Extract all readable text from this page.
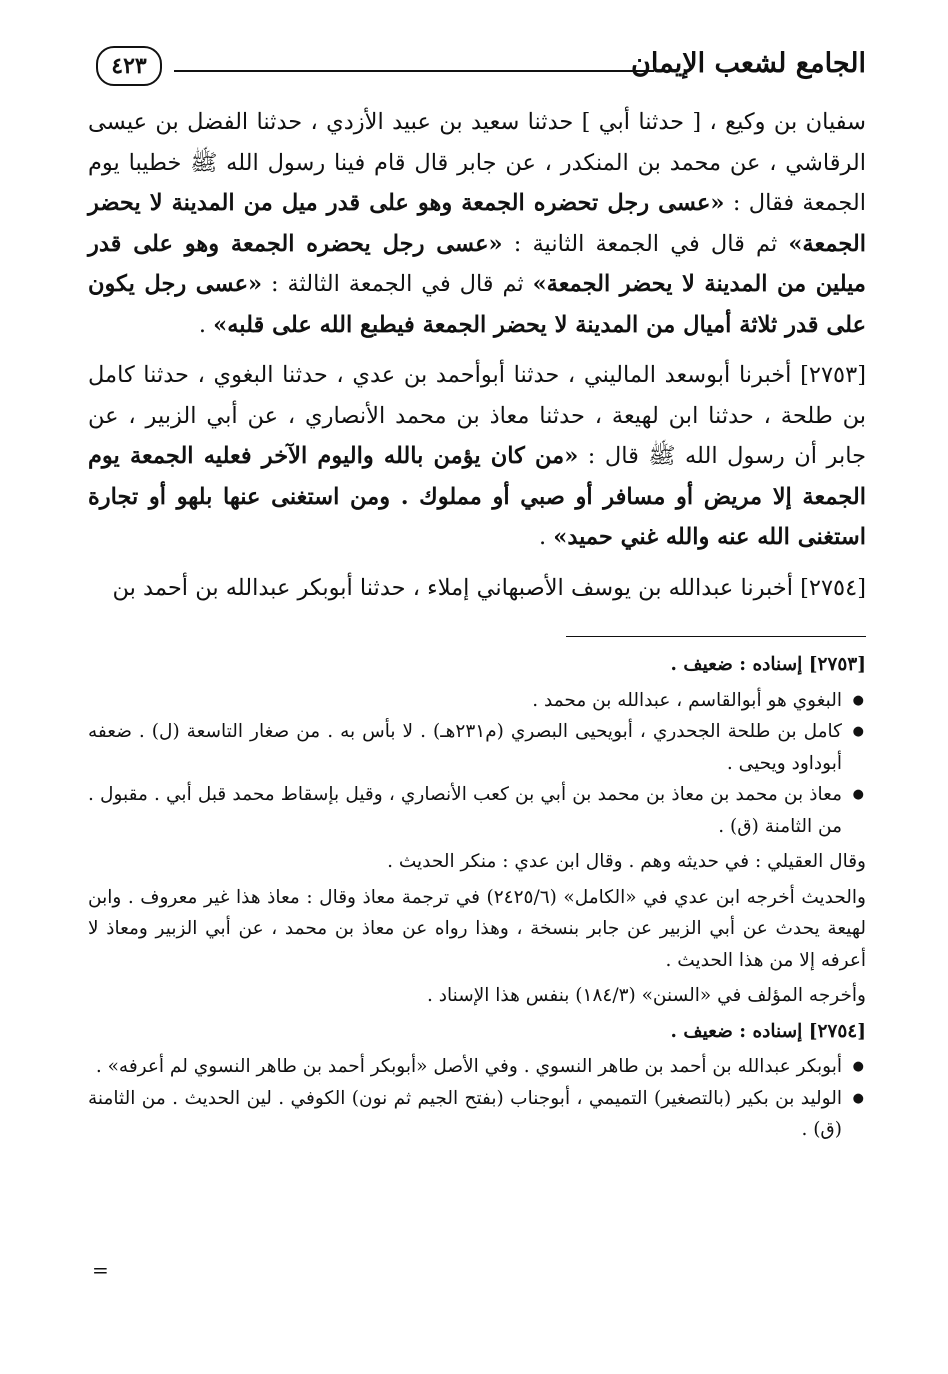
الجامع لشعب الإيمان
٤٢٣

سفيان بن وكيع ، [ حدثنا أبي ] حدثنا سعيد بن عبيد الأزدي ، حدثنا الفضل بن عيسى الرقاشي ، عن محمد بن المنكدر ، عن جابر قال قام فينا رسول الله ﷺ خطيبا يوم الجمعة فقال : «عسى رجل تحضره الجمعة وهو على قدر ميل من المدينة لا يحضر الجمعة» ثم قال في الجمعة الثانية : «عسى رجل يحضره الجمعة وهو على قدر ميلين من المدينة لا يحضر الجمعة» ثم قال في الجمعة الثالثة : «عسى رجل يكون على قدر ثلاثة أميال من المدينة لا يحضر الجمعة فيطبع الله على قلبه» .

[٢٧٥٣] أخبرنا أبوسعد الماليني ، حدثنا أبوأحمد بن عدي ، حدثنا البغوي ، حدثنا كامل بن طلحة ، حدثنا ابن لهيعة ، حدثنا معاذ بن محمد الأنصاري ، عن أبي الزبير ، عن جابر أن رسول الله ﷺ قال : «من كان يؤمن بالله واليوم الآخر فعليه الجمعة يوم الجمعة إلا مريض أو مسافر أو صبي أو مملوك . ومن استغنى عنها بلهو أو تجارة استغنى الله عنه والله غني حميد» .

[٢٧٥٤] أخبرنا عبدالله بن يوسف الأصبهاني إملاء ، حدثنا أبوبكر عبدالله بن أحمد بن

[٢٧٥٣] إسناده : ضعيف .

● البغوي هو أبوالقاسم ، عبدالله بن محمد .
● كامل بن طلحة الجحدري ، أبويحيى البصري (م٢٣١هـ) . لا بأس به . من صغار التاسعة (ل) . ضعفه أبوداود ويحيى .
● معاذ بن محمد بن معاذ بن محمد بن أبي بن كعب الأنصاري ، وقيل بإسقاط محمد قبل أبي . مقبول . من الثامنة (ق) .

وقال العقيلي : في حديثه وهم . وقال ابن عدي : منكر الحديث .

والحديث أخرجه ابن عدي في «الكامل» (٢٤٢٥/٦) في ترجمة معاذ وقال : معاذ هذا غير معروف . وابن لهيعة يحدث عن أبي الزبير عن جابر بنسخة ، وهذا رواه عن معاذ بن محمد ، عن أبي الزبير ومعاذ لا أعرفه إلا من هذا الحديث .

وأخرجه المؤلف في «السنن» (١٨٤/٣) بنفس هذا الإسناد .

[٢٧٥٤] إسناده : ضعيف .

● أبوبكر عبدالله بن أحمد بن طاهر النسوي . وفي الأصل «أبوبكر أحمد بن طاهر النسوي لم أعرفه» .
● الوليد بن بكير (بالتصغير) التميمي ، أبوجناب (بفتح الجيم ثم نون) الكوفي . لين الحديث . من الثامنة (ق) .
=
